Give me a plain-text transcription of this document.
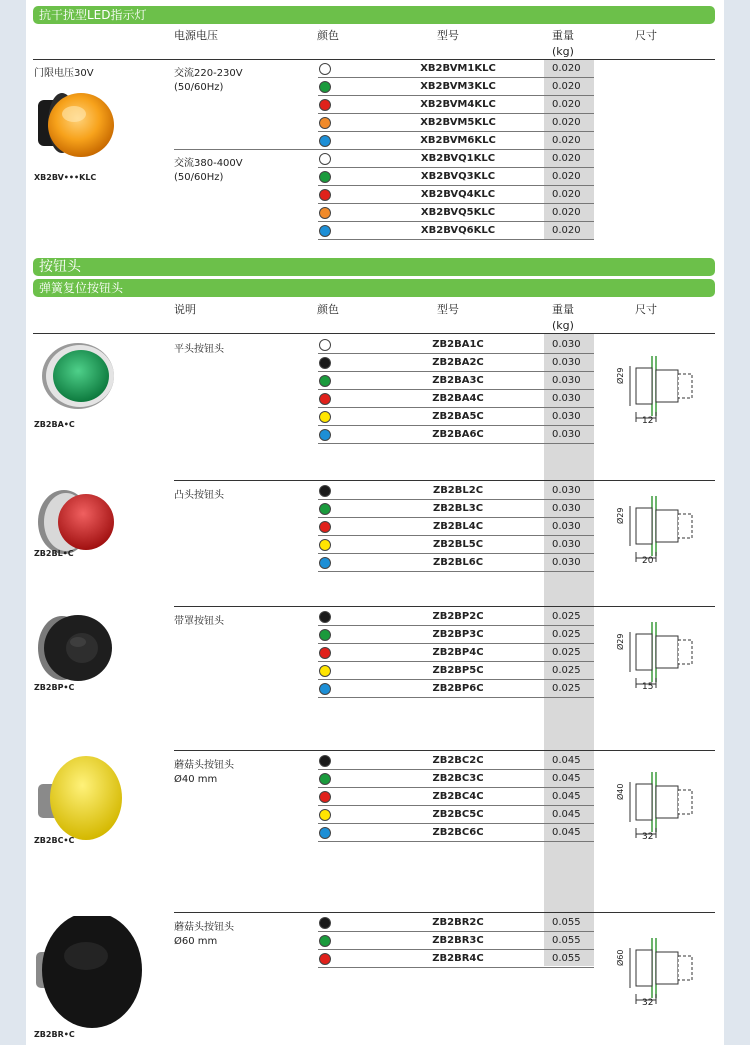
抗干扰型LED指示灯
电源电压	颜色	型号	重量
(kg)
尺寸
门限电压30V
XB2BV•••KLC
交流220-230V
(50/60Hz)
XB2BVM1KLC	0.020
XB2BVM3KLC	0.020
XB2BVM4KLC	0.020
XB2BVM5KLC	0.020
XB2BVM6KLC	0.020
交流380-400V
(50/60Hz)
XB2BVQ1KLC	0.020
XB2BVQ3KLC	0.020
XB2BVQ4KLC	0.020
XB2BVQ5KLC	0.020
XB2BVQ6KLC	0.020
按钮头
弹簧复位按钮头
说明	颜色	型号	重量
(kg)
尺寸
ZB2BA•C
平头按钮头	ZB2BA1C	0.030
ZB2BA2C	0.030
ZB2BA3C	0.030
ZB2BA4C	0.030
ZB2BA5C	0.030
ZB2BA6C	0.030
Ø29
12
ZB2BL•C
凸头按钮头	ZB2BL2C	0.030
ZB2BL3C	0.030
ZB2BL4C	0.030
ZB2BL5C	0.030
ZB2BL6C	0.030
Ø29
20
ZB2BP•C
带罩按钮头	ZB2BP2C	0.025
ZB2BP3C	0.025
ZB2BP4C	0.025
ZB2BP5C	0.025
ZB2BP6C	0.025
Ø29
15
ZB2BC•C
蘑菇头按钮头
Ø40 mm
ZB2BC2C	0.045
ZB2BC3C	0.045
ZB2BC4C	0.045
ZB2BC5C	0.045
ZB2BC6C	0.045
Ø40
32
ZB2BR•C
蘑菇头按钮头
Ø60 mm
ZB2BR2C	0.055
ZB2BR3C	0.055
ZB2BR4C	0.055	Ø60
32
